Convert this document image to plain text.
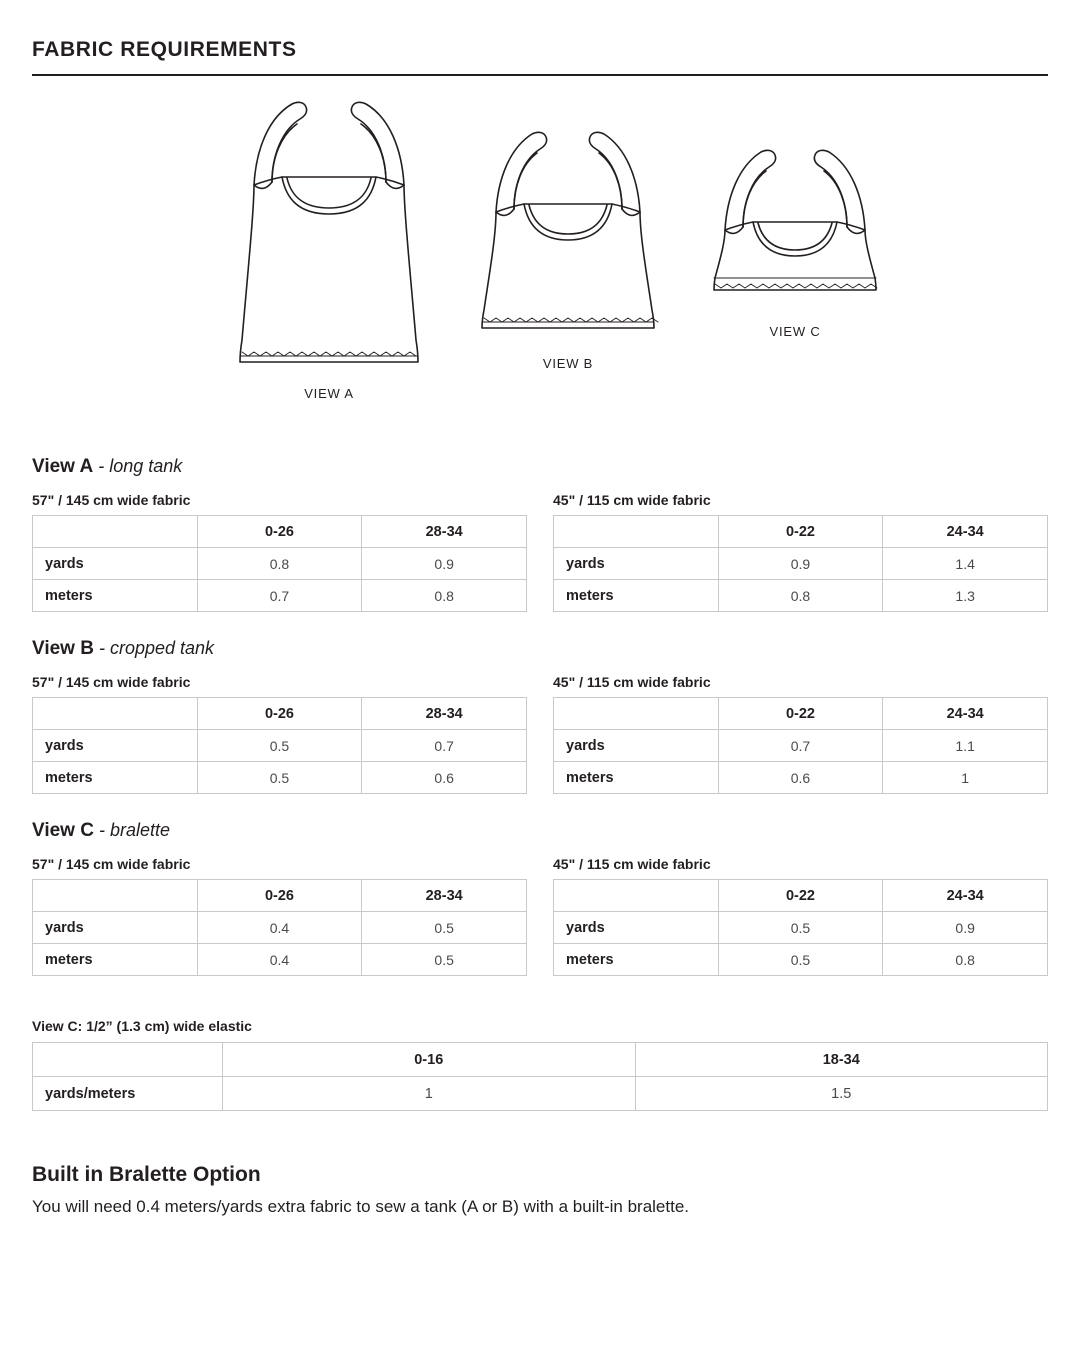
FABRIC REQUIREMENTS
VIEW A
VIEW B
VIEW C
View A - long tank
57" / 145 cm wide fabric
	0-26	28-34
yards	0.8	0.9
meters	0.7	0.8
45" / 115 cm wide fabric
	0-22	24-34
yards	0.9	1.4
meters	0.8	1.3
View B - cropped tank
57" / 145 cm wide fabric
	0-26	28-34
yards	0.5	0.7
meters	0.5	0.6
45" / 115 cm wide fabric
	0-22	24-34
yards	0.7	1.1
meters	0.6	1
View C - bralette
57" / 145 cm wide fabric
	0-26	28-34
yards	0.4	0.5
meters	0.4	0.5
45" / 115 cm wide fabric
	0-22	24-34
yards	0.5	0.9
meters	0.5	0.8
View C: 1/2” (1.3 cm) wide elastic
	0-16	18-34
yards/meters	1	1.5
Built in Bralette Option

You will need 0.4 meters/yards extra fabric to sew a tank (A or B) with a built-in bralette.
